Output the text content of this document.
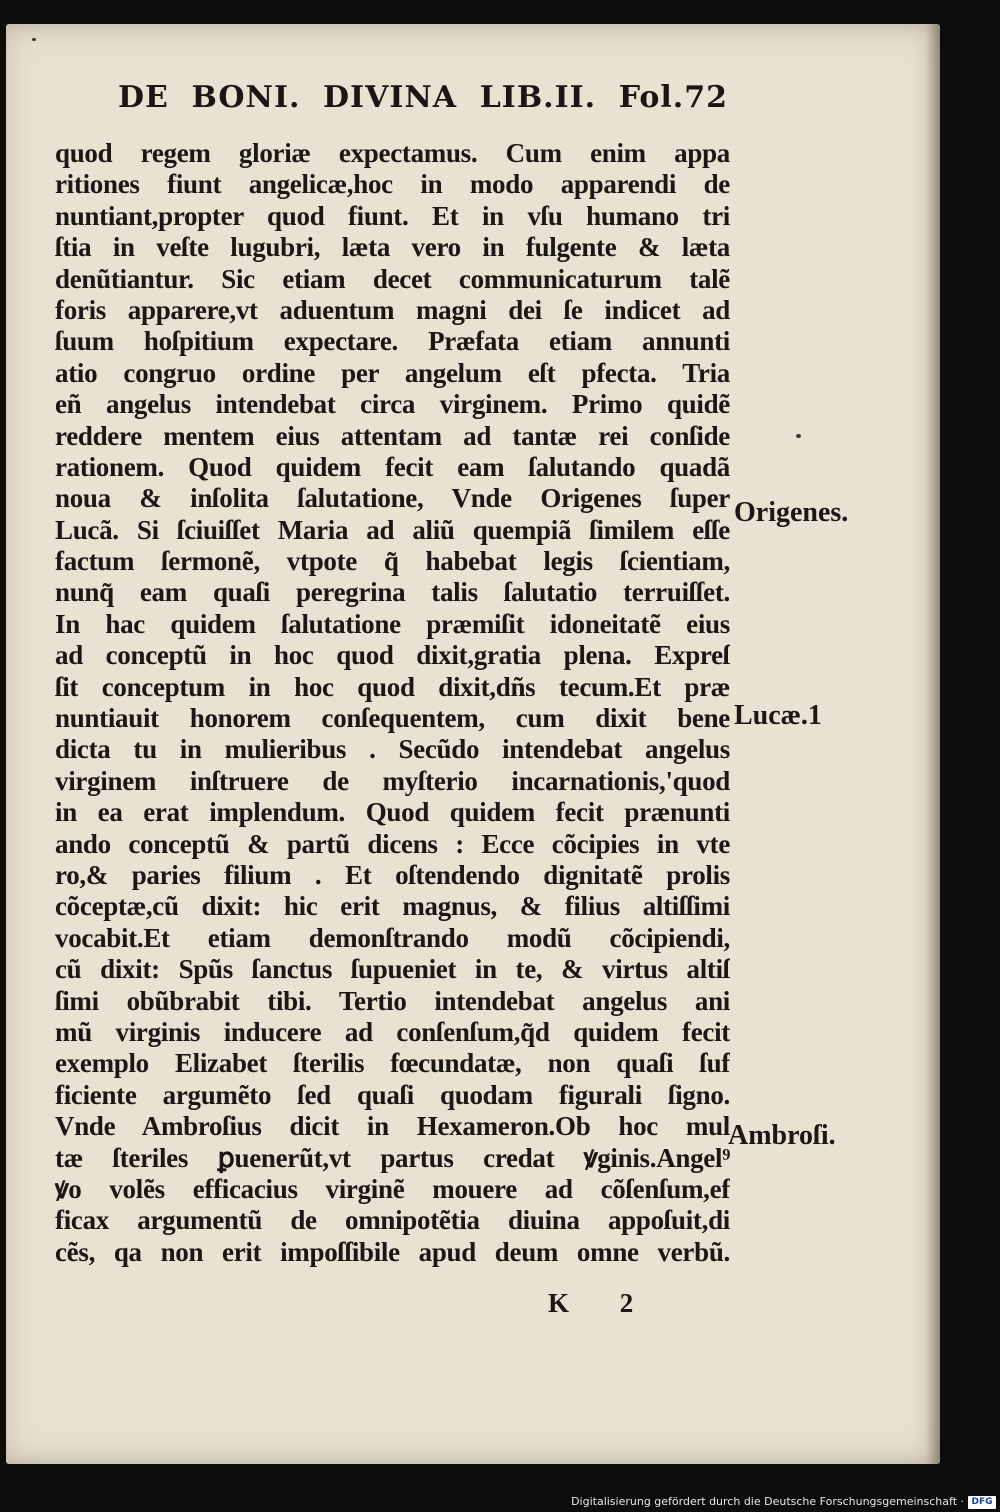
DE BONI. DIVINA LIB.II. Fol.72
quod regem gloriæ expectamus. Cum enim appa
ritiones fiunt angelicæ,hoc in modo apparendi de
nuntiant,propter quod fiunt. Et in vſu humano tri
ſtia in veſte lugubri, læta vero in fulgente & læta
denũtiantur. Sic etiam decet communicaturum talẽ
foris apparere,vt aduentum magni dei ſe indicet ad
ſuum hoſpitium expectare. Præfata etiam annunti
atio congruo ordine per angelum eſt pfecta. Tria
eñ angelus intendebat circa virginem. Primo quidẽ
reddere mentem eius attentam ad tantæ rei conſide
rationem. Quod quidem fecit eam ſalutando quadã
noua & inſolita ſalutatione, Vnde Origenes ſuper
Lucã. Si ſciuiſſet Maria ad aliũ quempiã ſimilem eſſe
factum ſermonẽ, vtpote q̃ habebat legis ſcientiam,
nunq̃ eam quaſi peregrina talis ſalutatio terruiſſet.
In hac quidem ſalutatione præmiſit idoneitatẽ eius
ad conceptũ in hoc quod dixit,gratia plena. Expreſ
ſit conceptum in hoc quod dixit,dñs tecum.Et præ
nuntiauit honorem conſequentem, cum dixit bene
dicta tu in mulieribus . Secũdo intendebat angelus
virginem inſtruere de myſterio incarnationis,'quod
in ea erat implendum. Quod quidem fecit prænunti
ando conceptũ & partũ dicens : Ecce cõcipies in vte
ro,& paries filium . Et oſtendendo dignitatẽ prolis
cõceptæ,cũ dixit: hic erit magnus, & filius altiſſimi
vocabit.Et etiam demonſtrando modũ cõcipiendi,
cũ dixit: Spũs ſanctus ſupueniet in te, & virtus altiſ
ſimi obũbrabit tibi. Tertio intendebat angelus ani
mũ virginis inducere ad conſenſum,q̃d quidem fecit
exemplo Elizabet ſterilis fœcundatæ, non quaſi ſuf
ficiente argumẽto ſed quaſi quodam figurali ſigno.
Vnde Ambroſius dicit in Hexameron.Ob hoc mul
tæ ſteriles ꝑuenerũt,vt partus credat ꝟginis.Angel⁹
ꝟo volẽs efficacius virginẽ mouere ad cõſenſum,ef
ficax argumentũ de omnipotẽtia diuina appoſuit,di
cẽs, qa non erit impoſſibile apud deum omne verbũ.
Origenes.
Lucæ.1
Ambroſi.
K 2
Digitalisierung gefördert durch die Deutsche Forschungsgemeinschaft · DFG
